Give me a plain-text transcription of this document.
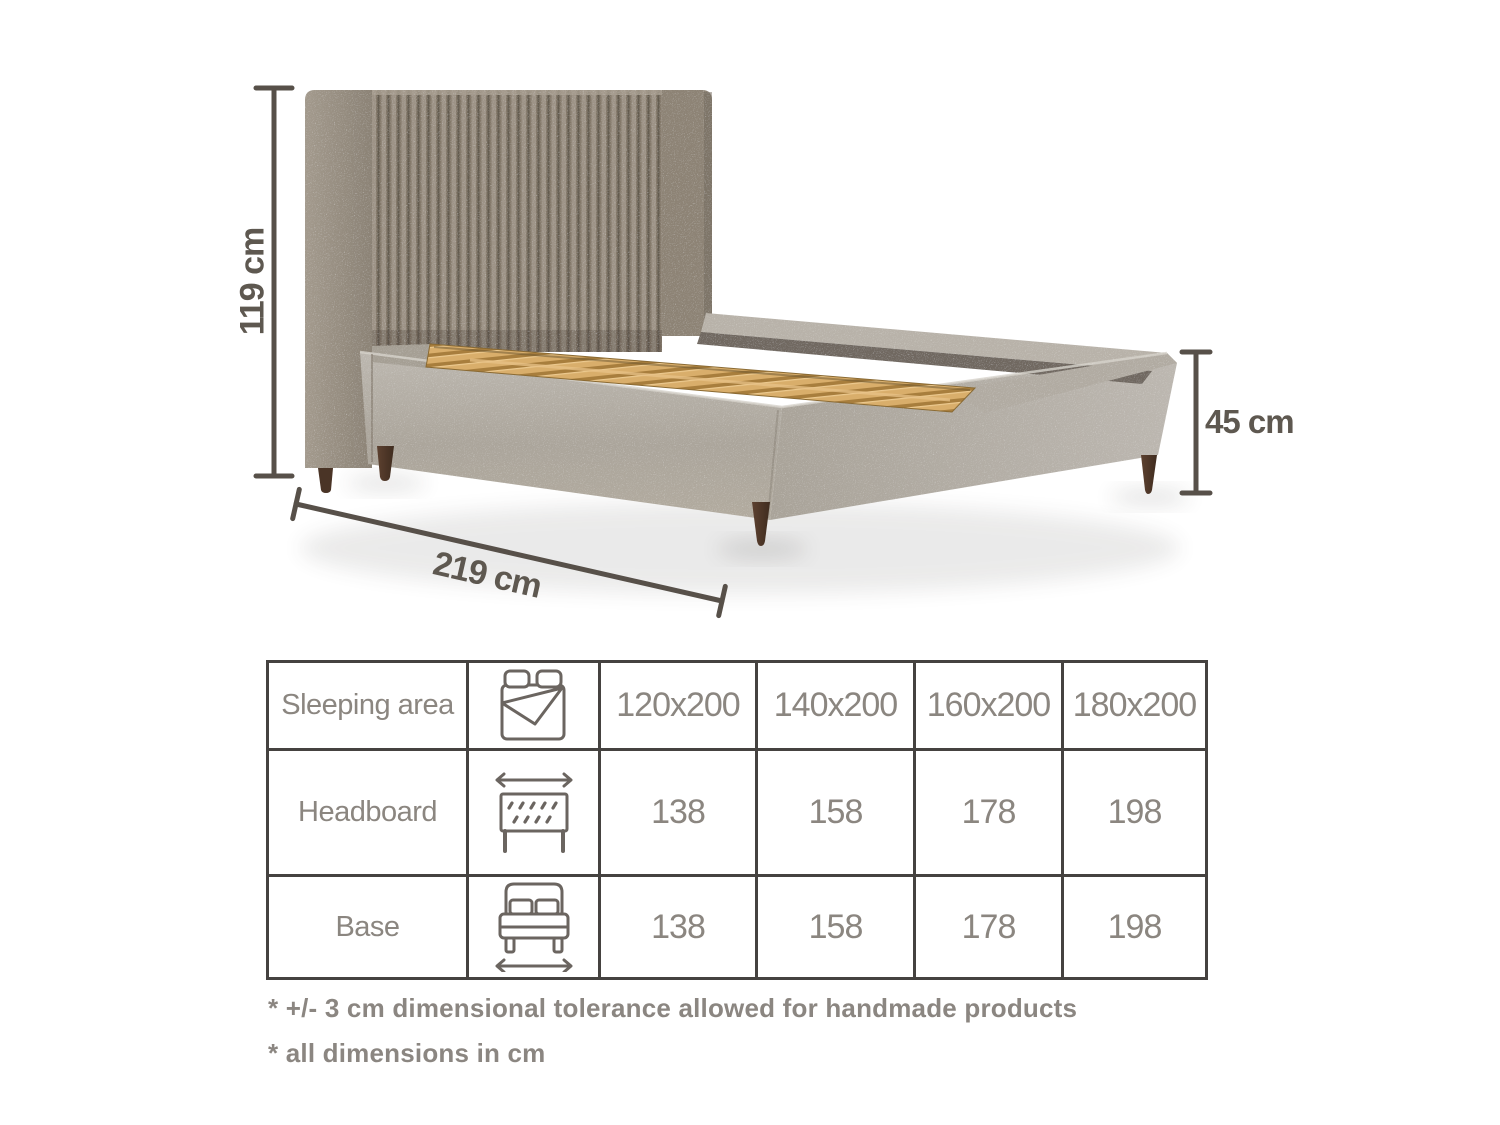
119 cm
219 cm
45 cm
Sleeping area		120x200	140x200	160x200	180x200
Headboard		138	158	178	198
Base		138	158	178	198
* +/- 3 cm dimensional tolerance allowed for handmade products
* all dimensions in cm
